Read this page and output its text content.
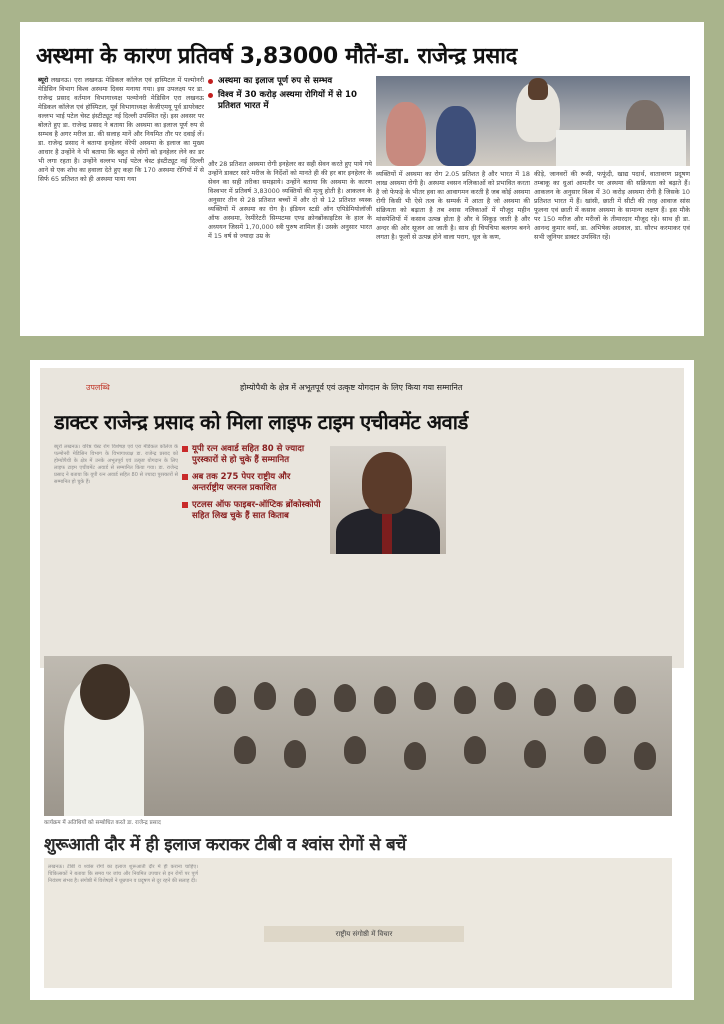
अस्थमा के कारण प्रतिवर्ष 3,83000 मौतें-डा. राजेन्द्र प्रसाद
ब्यूरो लखनऊ। एरा लखनऊ मेडिकल कॉलेज एवं हास्पिटल में पल्मोनरी मेडिसिन विभाग विश्व अस्थमा दिवस मनाया गया। इस उपलक्ष्य पर डा. राजेन्द्र प्रसाद वर्तमान विभागाध्यक्ष पल्मोनरी मेडिसिन एरा लखनऊ मेडिकल कॉलेज एवं हॉस्पिटल, पूर्व विभागाध्यक्ष केजीएमयू पूर्व डायरेक्टर वल्लभ भाई पटेल चेस्ट इंस्टीट्यूट नई दिल्ली उपस्थित रहें। इस अवसर पर बोलते हुए डा. राजेन्द्र प्रसाद ने बताया कि अस्थमा का इलाज पूर्ण रुप से सम्भव है अगर मरीज डा. की सलाह मानें और नियमित तौर पर दवाई लें। डा. राजेन्द्र प्रसाद ने बताया इनहेलर थेरेपी अस्थमा के इलाज का मुख्य आधार है उन्होंने ने भी बताया कि बहुत से लोगों को इनहेलर लेने का डर भी लगा रहता है। उन्होंने वल्लभ भाई पटेल चेस्ट इंस्टीट्यूट नई दिल्ली आने से एक शोध का हवाला देते हुए कहा कि 170 अस्थमा रोगियों में से सिर्फ 65 प्रतिशत को ही अस्थमा पाया गया
अस्थमा का इलाज पूर्ण रुप से सम्भव
विश्व में 30 करोड़ अस्थमा रोगियों में से 10 प्रतिशत भारत में
और 28 प्रतिशत अस्थमा रोगी इनहेलर का सही सेवन करते हुए पाये गये उन्होंने डाक्टर सारे मरीज के निर्देशों को मानते ही की हर बार इनहेलर के सेवन का सही तरीका समझाये। उन्होंने बताया कि अस्थमा के कारण विश्वभर में प्रतिवर्ष 3,83000 व्यक्तियों की मृत्यु होती है। आकलन के अनुसार तीन से 28 प्रतिशत बच्चों में और दो से 12 प्रतिशत व्यस्क व्यक्तियों में अस्थमा का रोग है। इंडियन स्टडी ऑन एपिडेमियोलॉजी ऑफ अस्थमा, रेस्पीरेटरी सिम्पटम्स एण्ड क्रोनब्रोंकाइटिस के हाल के अध्ययन जिसमें 1,70,000 स्त्री पुरुष शामिल हैं। उसके अनुसार भारत में 15 वर्ष से ज्यादा उम्र के
व्यक्तियों में अस्थमा का रोग 2.05 प्रतिशत है और भारत में 18 लाख अस्थमा रोगी है। अस्थमा श्वसन नलिकाओं को प्रभावित करता है जो फेफड़े के भीतर हवा का आवागमन करती है जब कोई अस्थमा रोगी किसी भी ऐसे तत्व के सम्पर्क में आता है जो अस्थमा की संक्रियता को बढ़ाता है तब श्वास नलिकाओं में मौजूद महीन मांसपेशियों में कसाव उत्पन्न होता है और वे सिकुड़ जाती है और अन्दर की ओर सूजन आ जाती है। साथ ही चिपचिपा बलगम बनने लगता है। फूलों से उत्पन्न होने वाला पराग, धूल के कण,
कीड़े, जानवरों की रूसी, फफूंदी, खाद्य पदार्थ, वातावरण प्रदूषण तम्बाकू का धुआं आमतौर पर अस्थमा की सक्रियता को बढ़ाते हैं। आकलन के अनुसार विश्व में 30 करोड़ अस्थमा रोगी है जिसके 10 प्रतिशत भारत में हैं। खांसी, छाती में सीटी की तरह आवाज सांस फूलना एवं छाती में कसाव अस्थमा के सामान्य लक्षण हैं। इस मौके पर 150 मरीज और मरीजों के तीमारदार मौजूद रहे। साथ ही डा. आनन्द कुमार वर्मा, डा. अभिषेक अग्रवाल, डा. सौरभ करमाकर एवं सभी जूनियर डाक्टर उपस्थित रहें।
उपलब्धि	होम्योपैथी के क्षेत्र में अभूतपूर्व एवं उत्कृष्ट योगदान के लिए किया गया सम्मानित
डाक्टर राजेन्द्र प्रसाद को मिला लाइफ टाइम एचीवमेंट अवार्ड
ब्यूरो लखनऊ। वरिष्ठ चेस्ट रोग विशेषज्ञ एवं एरा मेडिकल कॉलेज के पल्मोनरी मेडिसिन विभाग के विभागाध्यक्ष डा. राजेन्द्र प्रसाद को होम्योपैथी के क्षेत्र में उनके अभूतपूर्व एवं उत्कृष्ट योगदान के लिए लाइफ टाइम एचीवमेंट अवार्ड से सम्मानित किया गया। डा. राजेन्द्र प्रसाद ने बताया कि यूपी रत्न अवार्ड सहित 80 से ज्यादा पुरस्कारों से सम्मानित हो चुके हैं।
यूपी रत्न अवार्ड सहित 80 से ज्यादा पुरस्कारों से हो चुके हैं सम्मानित
अब तक 275 पेपर राष्ट्रीय और अन्तर्राष्ट्रीय जरनल प्रकाशित
एटलस ऑफ फाइबर-ऑप्टिक ब्रोंकोस्कोपी सहित लिख चुके हैं सात किताब
कार्यक्रम में अतिथियों को सम्बोधित करते डा. राजेन्द्र प्रसाद
शुरूआती दौर में ही इलाज कराकर टीबी व श्वांस रोगों से बचें
लखनऊ। टीबी व श्वांस रोगों का इलाज शुरूआती दौर में ही कराना चाहिए। चिकित्सकों ने बताया कि समय पर जांच और नियमित उपचार से इन रोगों पर पूर्ण नियंत्रण संभव है। संगोष्ठी में विशेषज्ञों ने धूम्रपान व प्रदूषण से दूर रहने की सलाह दी।
राष्ट्रीय संगोष्ठी में विचार
